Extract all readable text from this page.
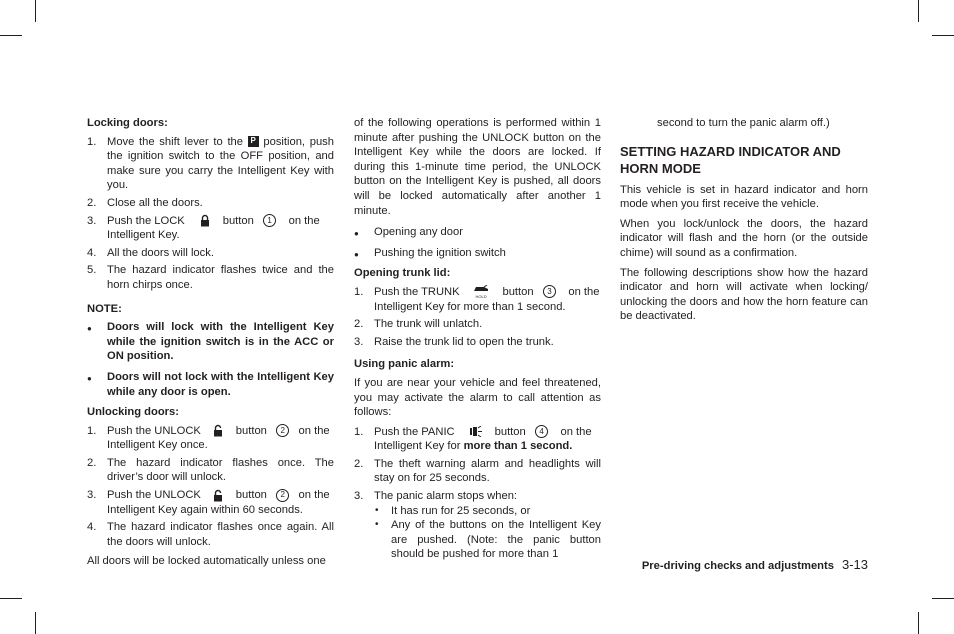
Locking doors:
1. Move the shift lever to the P position, push the ignition switch to the OFF position, and make sure you carry the Intelligent Key with you.
2. Close all the doors.
3. Push the LOCK	button 1 on the Intelligent Key.
4. All the doors will lock.
5. The hazard indicator flashes twice and the horn chirps once.
NOTE:
● Doors will lock with the Intelligent Key while the ignition switch is in the ACC or ON position.
● Doors will not lock with the Intelligent Key while any door is open.
Unlocking doors:
1. Push the UNLOCK	button 2 on the Intelligent Key once.
2. The hazard indicator flashes once. The driver’s door will unlock.
3. Push the UNLOCK	button 2 on the Intelligent Key again within 60 seconds.
4. The hazard indicator flashes once again. All the doors will unlock.

All doors will be locked automatically unless one

of the following operations is performed within 1 minute after pushing the UNLOCK button on the Intelligent Key while the doors are locked. If during this 1-minute time period, the UNLOCK button on the Intelligent Key is pushed, all doors will be locked automatically after another 1 minute.

● Opening any door
● Pushing the ignition switch
Opening trunk lid:
1. Push the TRUNK	HOLD button 3 on the Intelligent Key for more than 1 second.
2. The trunk will unlatch.
3. Raise the trunk lid to open the trunk.
Using panic alarm:

If you are near your vehicle and feel threatened, you may activate the alarm to call attention as follows:

1. Push the PANIC	button 4 on the Intelligent Key for more than 1 second.
2. The theft warning alarm and headlights will stay on for 25 seconds.
3. The panic alarm stops when:
• It has run for 25 seconds, or
• Any of the buttons on the Intelligent Key are pushed. (Note: the panic button should be pushed for more than 1

second to turn the panic alarm off.)

SETTING HAZARD INDICATOR AND HORN MODE

This vehicle is set in hazard indicator and horn mode when you first receive the vehicle.

When you lock/unlock the doors, the hazard indicator will flash and the horn (or the outside chime) will sound as a confirmation.

The following descriptions show how the hazard indicator and horn will activate when locking/ unlocking the doors and how the horn feature can be deactivated.

Pre-driving checks and adjustments 3-13
